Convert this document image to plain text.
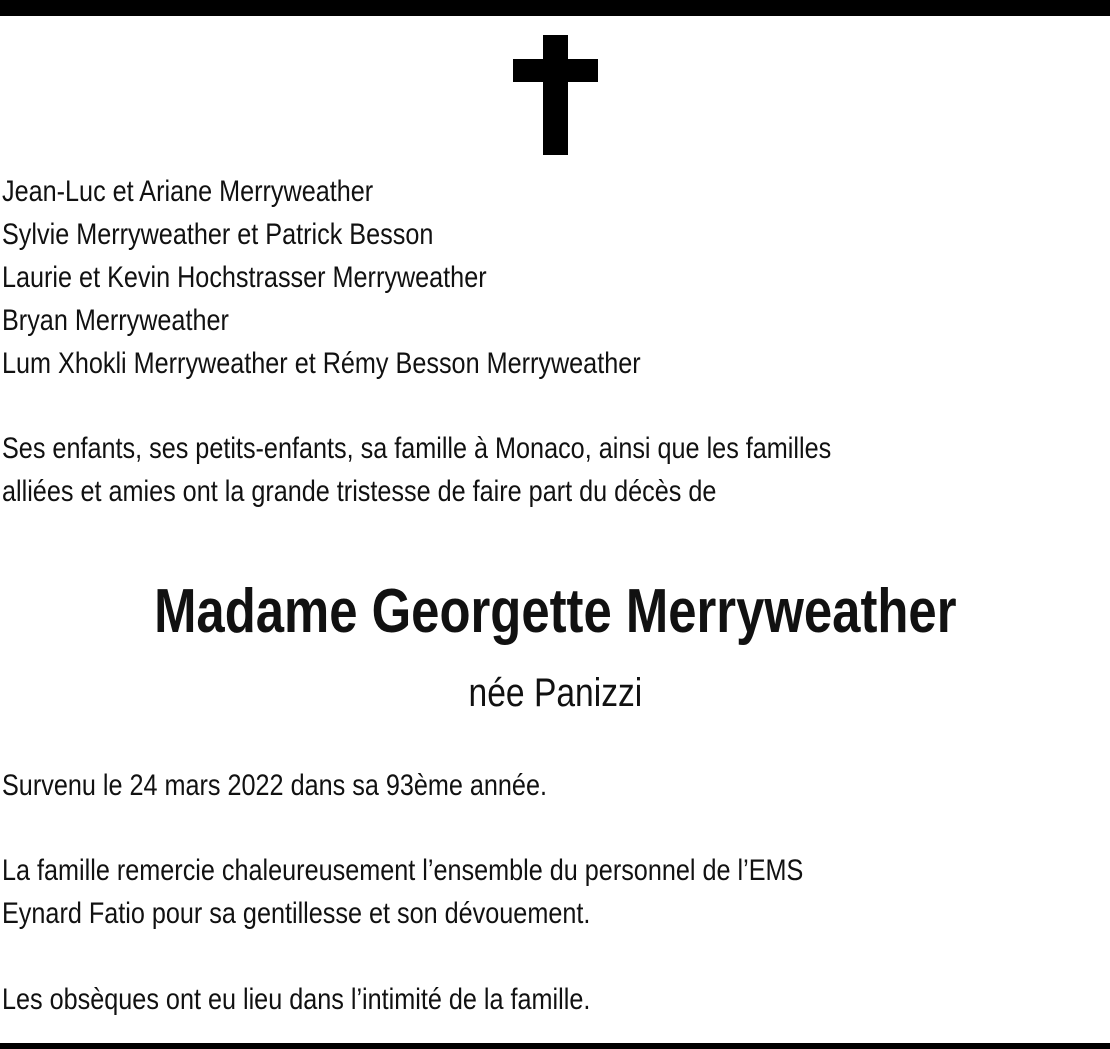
Jean-Luc et Ariane Merryweather
Sylvie Merryweather et Patrick Besson
Laurie et Kevin Hochstrasser Merryweather
Bryan Merryweather
Lum Xhokli Merryweather et Rémy Besson Merryweather
Ses enfants, ses petits-enfants, sa famille à Monaco, ainsi que les familles
alliées et amies ont la grande tristesse de faire part du décès de
Madame Georgette Merryweather
née Panizzi
Survenu le 24 mars 2022 dans sa 93ème année.
La famille remercie chaleureusement l’ensemble du personnel de l’EMS
Eynard Fatio pour sa gentillesse et son dévouement.
Les obsèques ont eu lieu dans l’intimité de la famille.
